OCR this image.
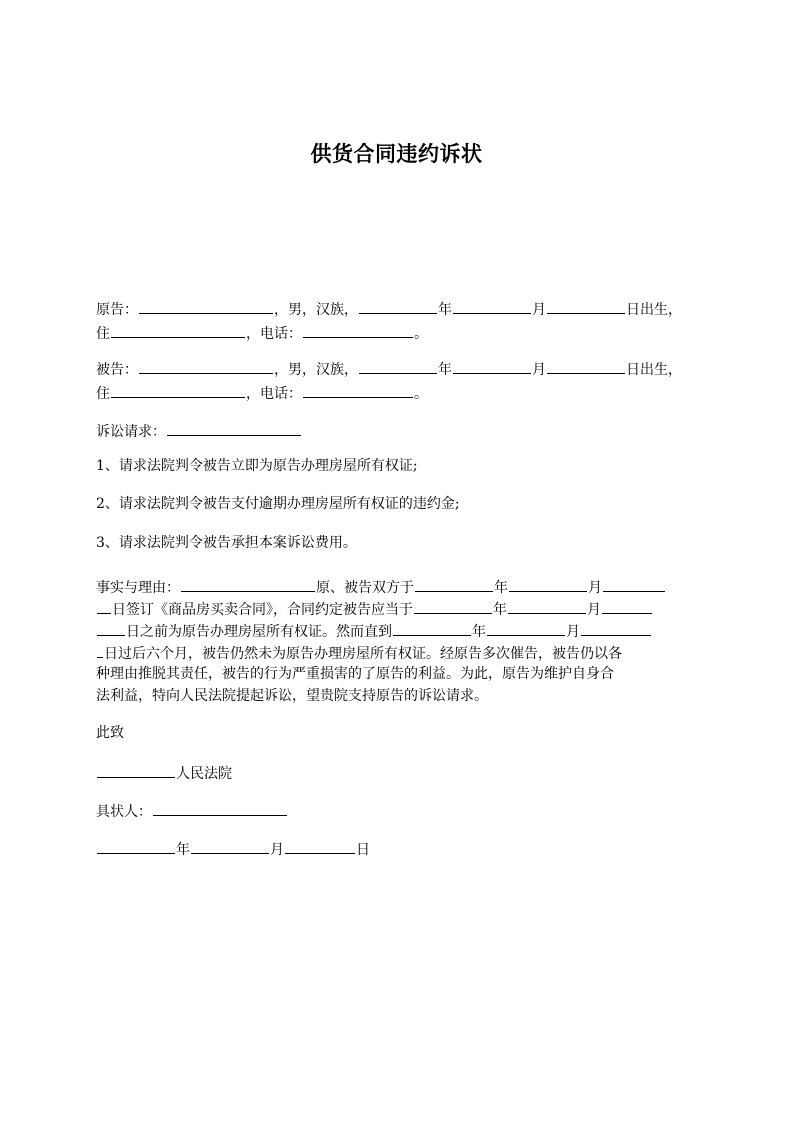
供货合同违约诉状
原告：	，男，汉族，	年	月	日出生，
住	，电话：	。
被告：	，男，汉族，	年	月	日出生，
住	，电话：	。
诉讼请求：
1、请求法院判令被告立即为原告办理房屋所有权证;
2、请求法院判令被告支付逾期办理房屋所有权证的违约金;
3、请求法院判令被告承担本案诉讼费用。
事实与理由：	原、被告双方于	年	月
日签订《商品房买卖合同》，合同约定被告应当于	年	月
日之前为原告办理房屋所有权证。然而直到	年	月
日过后六个月，被告仍然未为原告办理房屋所有权证。经原告多次催告，被告仍以各
种理由推脱其责任，被告的行为严重损害的了原告的利益。为此，原告为维护自身合
法利益，特向人民法院提起诉讼，望贵院支持原告的诉讼请求。
此致
人民法院
具状人：
年	月	日
